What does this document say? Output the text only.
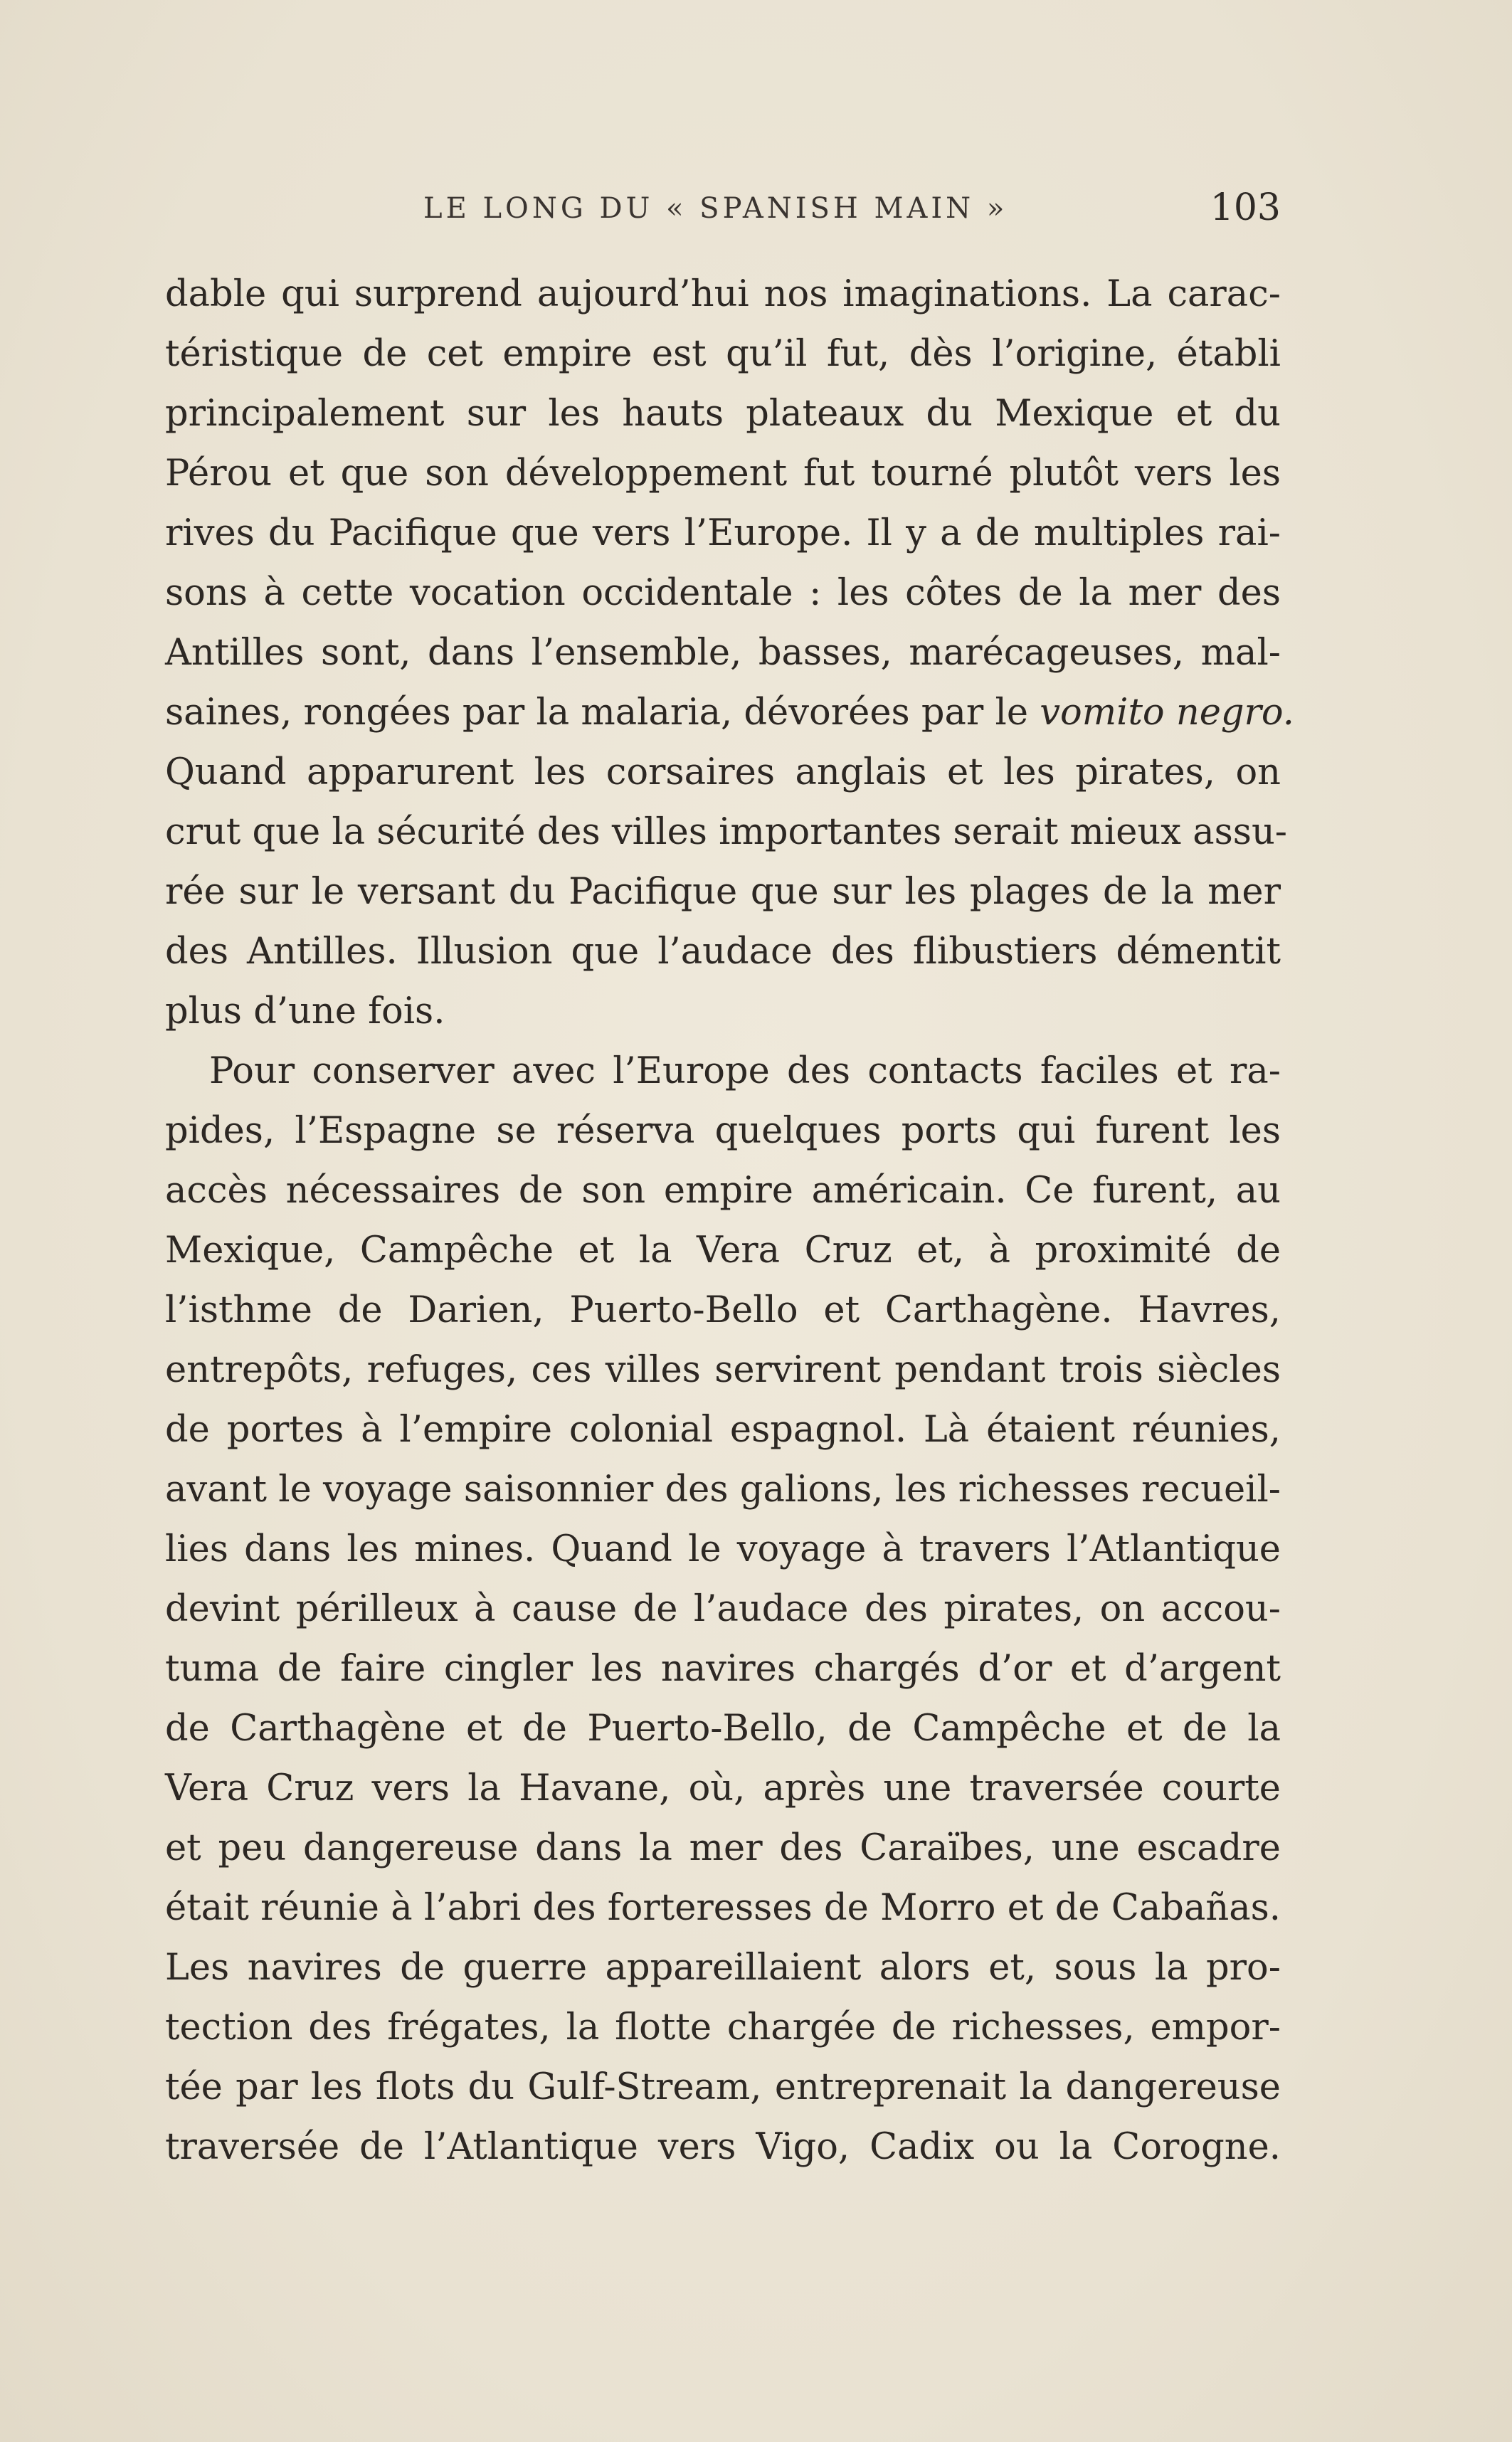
LE LONG DU « SPANISH MAIN »	103
dable qui surprend aujourd’hui nos imaginations. La carac-
téristique de cet empire est qu’il fut, dès l’origine, établi
principalement sur les hauts plateaux du Mexique et du
Pérou et que son développement fut tourné plutôt vers les
rives du Pacifique que vers l’Europe. Il y a de multiples rai-
sons à cette vocation occidentale : les côtes de la mer des
Antilles sont, dans l’ensemble, basses, marécageuses, mal-
saines, rongées par la malaria, dévorées par le vomito negro.
Quand apparurent les corsaires anglais et les pirates, on
crut que la sécurité des villes importantes serait mieux assu-
rée sur le versant du Pacifique que sur les plages de la mer
des Antilles. Illusion que l’audace des flibustiers démentit
plus d’une fois.
Pour conserver avec l’Europe des contacts faciles et ra-
pides, l’Espagne se réserva quelques ports qui furent les
accès nécessaires de son empire américain. Ce furent, au
Mexique, Campêche et la Vera Cruz et, à proximité de
l’isthme de Darien, Puerto-Bello et Carthagène. Havres,
entrepôts, refuges, ces villes servirent pendant trois siècles
de portes à l’empire colonial espagnol. Là étaient réunies,
avant le voyage saisonnier des galions, les richesses recueil-
lies dans les mines. Quand le voyage à travers l’Atlantique
devint périlleux à cause de l’audace des pirates, on accou-
tuma de faire cingler les navires chargés d’or et d’argent
de Carthagène et de Puerto-Bello, de Campêche et de la
Vera Cruz vers la Havane, où, après une traversée courte
et peu dangereuse dans la mer des Caraïbes, une escadre
était réunie à l’abri des forteresses de Morro et de Cabañas.
Les navires de guerre appareillaient alors et, sous la pro-
tection des frégates, la flotte chargée de richesses, empor-
tée par les flots du Gulf-Stream, entreprenait la dangereuse
traversée de l’Atlantique vers Vigo, Cadix ou la Corogne.
